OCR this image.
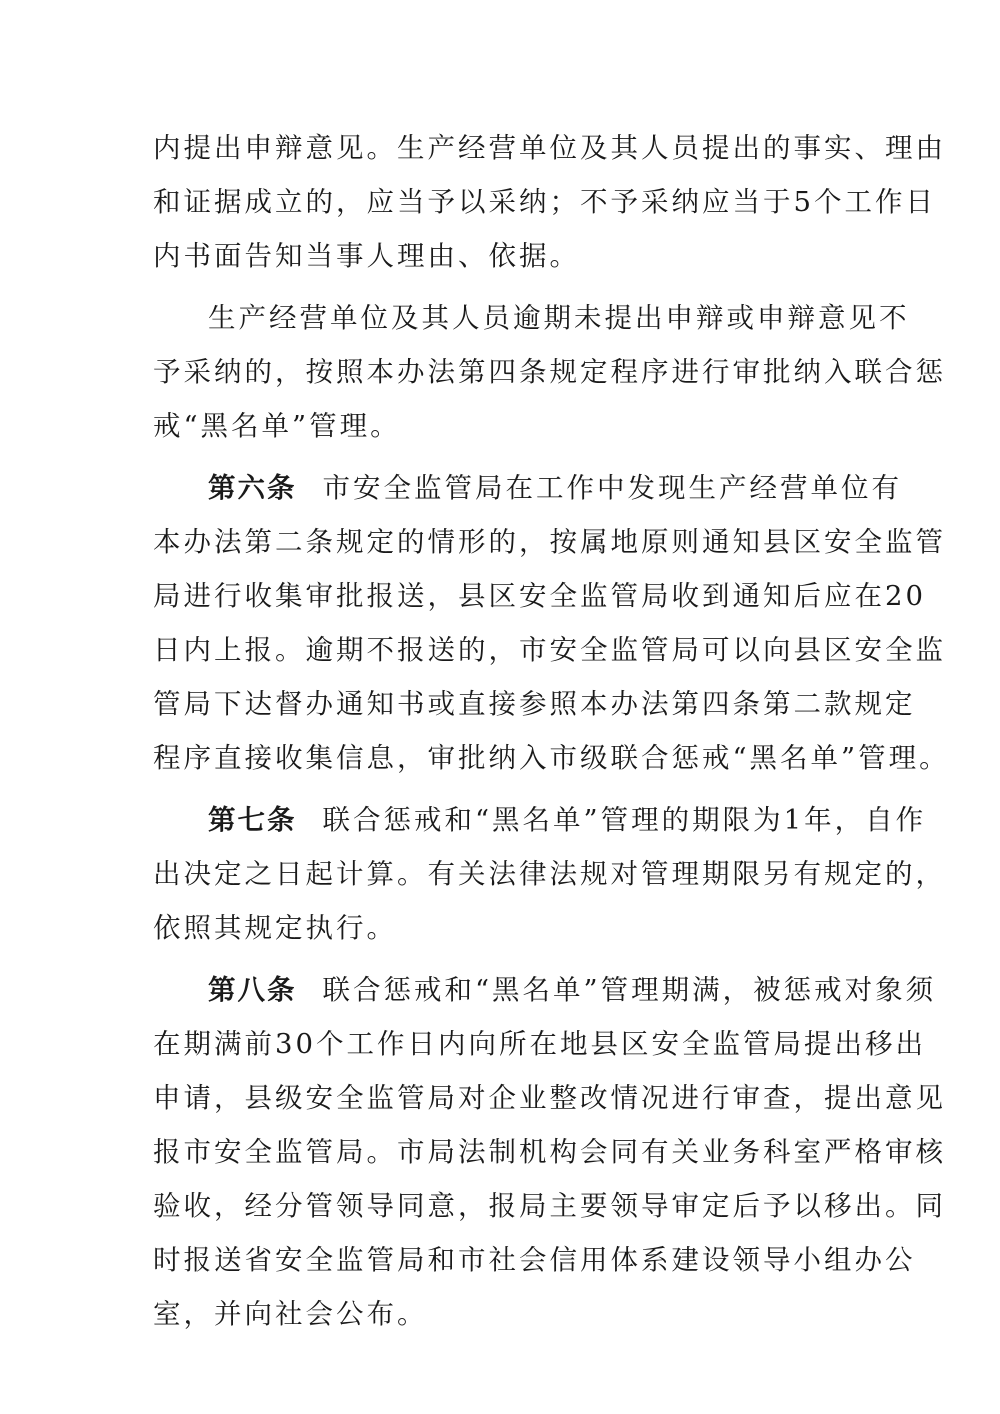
内提出申辩意见。生产经营单位及其人员提出的事实、理由
和证据成立的，应当予以采纳；不予采纳应当于5个工作日
内书面告知当事人理由、依据。
生产经营单位及其人员逾期未提出申辩或申辩意见不
予采纳的，按照本办法第四条规定程序进行审批纳入联合惩
戒“黑名单”管理。
第六条 市安全监管局在工作中发现生产经营单位有
本办法第二条规定的情形的，按属地原则通知县区安全监管
局进行收集审批报送，县区安全监管局收到通知后应在20
日内上报。逾期不报送的，市安全监管局可以向县区安全监
管局下达督办通知书或直接参照本办法第四条第二款规定
程序直接收集信息，审批纳入市级联合惩戒“黑名单”管理。
第七条 联合惩戒和“黑名单”管理的期限为1年，自作
出决定之日起计算。有关法律法规对管理期限另有规定的，
依照其规定执行。
第八条 联合惩戒和“黑名单”管理期满，被惩戒对象须
在期满前30个工作日内向所在地县区安全监管局提出移出
申请，县级安全监管局对企业整改情况进行审查，提出意见
报市安全监管局。市局法制机构会同有关业务科室严格审核
验收，经分管领导同意，报局主要领导审定后予以移出。同
时报送省安全监管局和市社会信用体系建设领导小组办公
室，并向社会公布。
